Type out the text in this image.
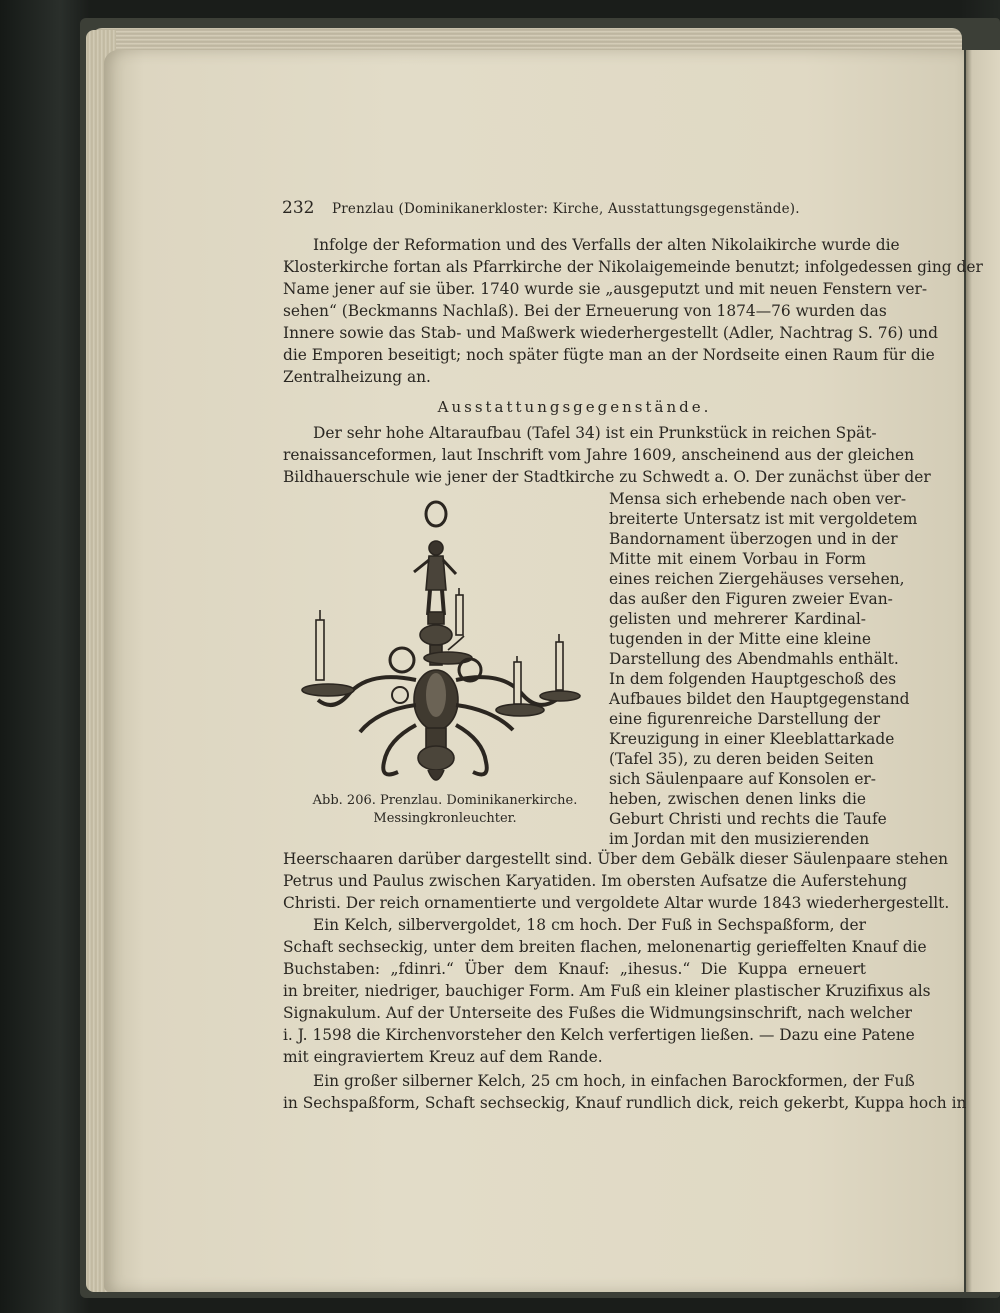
232 Prenzlau (Dominikanerkloster: Kirche, Ausstattungsgegenstände).
Infolge der Reformation und des Verfalls der alten Nikolaikirche wurde die
Klosterkirche fortan als Pfarrkirche der Nikolaigemeinde benutzt; infolgedessen ging der
Name jener auf sie über. 1740 wurde sie „ausgeputzt und mit neuen Fenstern ver-
sehen“ (Beckmanns Nachlaß). Bei der Erneuerung von 1874—76 wurden das
Innere sowie das Stab- und Maßwerk wiederhergestellt (Adler, Nachtrag S. 76) und
die Emporen beseitigt; noch später fügte man an der Nordseite einen Raum für die
Zentralheizung an.
Ausstattungsgegenstände.
Der sehr hohe Altaraufbau (Tafel 34) ist ein Prunkstück in reichen Spät-
renaissanceformen, laut Inschrift vom Jahre 1609, anscheinend aus der gleichen
Bildhauerschule wie jener der Stadtkirche zu Schwedt a. O. Der zunächst über der
Mensa sich erhebende nach oben ver-
breiterte Untersatz ist mit vergoldetem
Bandornament überzogen und in der
Mitte mit einem Vorbau in Form
eines reichen Ziergehäuses versehen,
das außer den Figuren zweier Evan-
gelisten und mehrerer Kardinal-
tugenden in der Mitte eine kleine
Darstellung des Abendmahls enthält.
In dem folgenden Hauptgeschoß des
Aufbaues bildet den Hauptgegenstand
eine figurenreiche Darstellung der
Kreuzigung in einer Kleeblattarkade
(Tafel 35), zu deren beiden Seiten
sich Säulenpaare auf Konsolen er-
heben, zwischen denen links die
Geburt Christi und rechts die Taufe
im Jordan mit den musizierenden
Abb. 206. Prenzlau. Dominikanerkirche.
Messingkronleuchter.
Heerschaaren darüber dargestellt sind. Über dem Gebälk dieser Säulenpaare stehen
Petrus und Paulus zwischen Karyatiden. Im obersten Aufsatze die Auferstehung
Christi. Der reich ornamentierte und vergoldete Altar wurde 1843 wiederhergestellt.
Ein Kelch, silbervergoldet, 18 cm hoch. Der Fuß in Sechspaßform, der
Schaft sechseckig, unter dem breiten flachen, melonenartig gerieffelten Knauf die
Buchstaben: „fdinri.“ Über dem Knauf: „ihesus.“ Die Kuppa erneuert
in breiter, niedriger, bauchiger Form. Am Fuß ein kleiner plastischer Kruzifixus als
Signakulum. Auf der Unterseite des Fußes die Widmungsinschrift, nach welcher
i. J. 1598 die Kirchenvorsteher den Kelch verfertigen ließen. — Dazu eine Patene
mit eingraviertem Kreuz auf dem Rande.
Ein großer silberner Kelch, 25 cm hoch, in einfachen Barockformen, der Fuß
in Sechspaßform, Schaft sechseckig, Knauf rundlich dick, reich gekerbt, Kuppa hoch in
